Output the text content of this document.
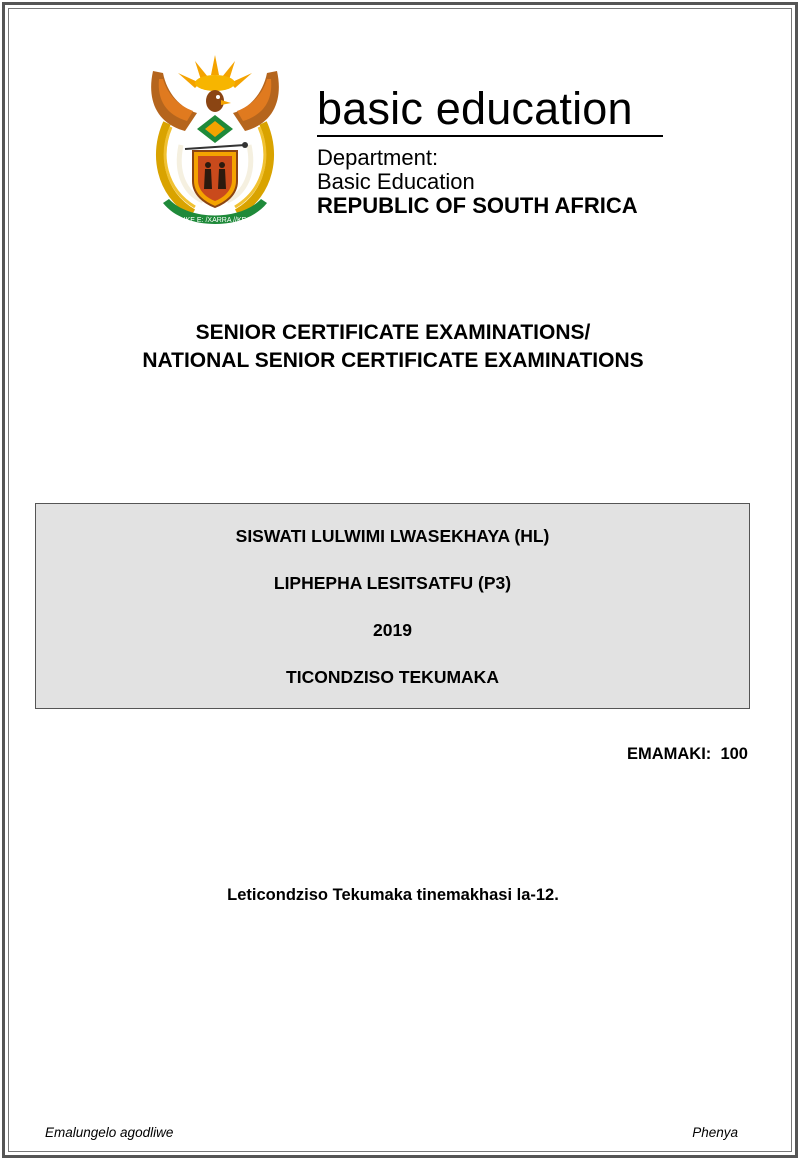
!KE E: /XARRA //KE
basic education
Department:
Basic Education
REPUBLIC OF SOUTH AFRICA
SENIOR CERTIFICATE EXAMINATIONS/
NATIONAL SENIOR CERTIFICATE EXAMINATIONS
SISWATI LULWIMI LWASEKHAYA (HL)
LIPHEPHA LESITSATFU (P3)
2019
TICONDZISO TEKUMAKA
EMAMAKI:  100
Leticondziso Tekumaka tinemakhasi la-12.
Emalungelo agodliwe	Phenya
